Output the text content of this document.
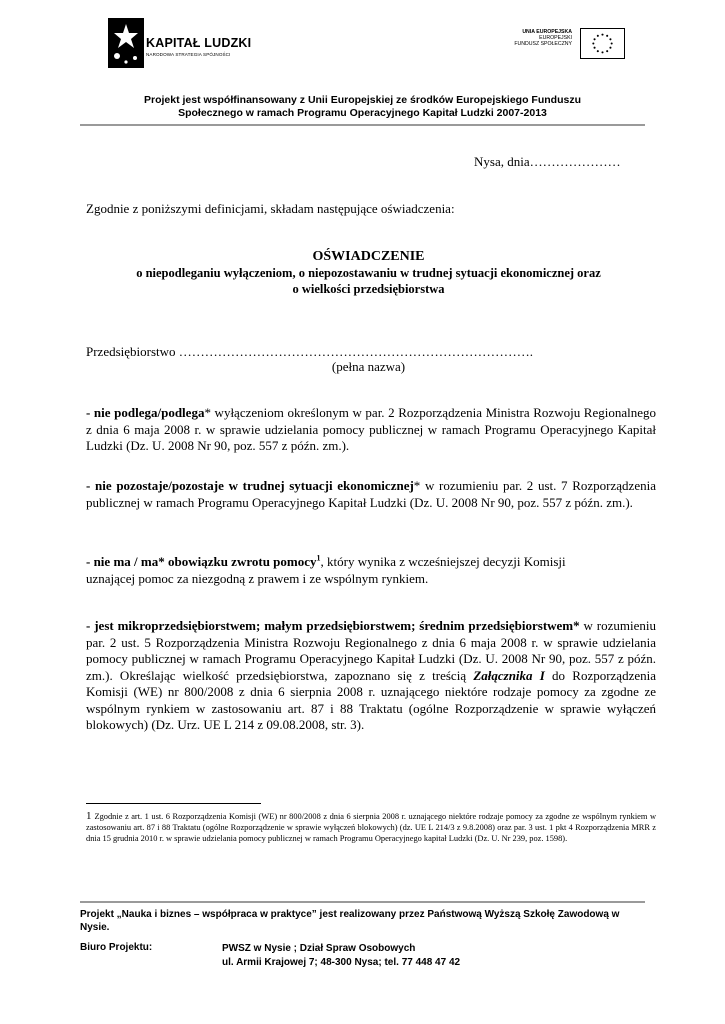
KAPITAŁ LUDZKI
NARODOWA STRATEGIA SPÓJNOŚCI
UNIA EUROPEJSKA
EUROPEJSKI
FUNDUSZ SPOŁECZNY
Projekt jest współfinansowany z Unii Europejskiej ze środków Europejskiego Funduszu
Społecznego w ramach Programu Operacyjnego Kapitał Ludzki 2007-2013
Nysa, dnia…………………
Zgodnie z poniższymi definicjami, składam następujące oświadczenia:
OŚWIADCZENIE
o niepodleganiu wyłączeniom, o niepozostawaniu w trudnej sytuacji ekonomicznej oraz
o wielkości przedsiębiorstwa
Przedsiębiorstwo ……………………………………………………………………….
(pełna nazwa)
- nie podlega/podlega* wyłączeniom określonym w par. 2 Rozporządzenia Ministra Rozwoju Regionalnego z dnia 6 maja 2008 r. w sprawie udzielania pomocy publicznej w ramach Programu Operacyjnego Kapitał Ludzki (Dz. U. 2008 Nr 90, poz. 557 z późn. zm.).
- nie pozostaje/pozostaje w trudnej sytuacji ekonomicznej* w rozumieniu par. 2 ust. 7 Rozporządzenia publicznej w ramach Programu Operacyjnego Kapitał Ludzki (Dz. U. 2008 Nr 90, poz. 557 z późn. zm.).
- nie ma / ma* obowiązku zwrotu pomocy$^1$, który wynika z wcześniejszej decyzji Komisji
uznającej pomoc za niezgodną z prawem i ze wspólnym rynkiem.
- jest mikroprzedsiębiorstwem; małym przedsiębiorstwem; średnim przedsiębiorstwem* w rozumieniu par. 2 ust. 5 Rozporządzenia Ministra Rozwoju Regionalnego z dnia 6 maja 2008 r. w sprawie udzielania pomocy publicznej w ramach Programu Operacyjnego Kapitał Ludzki (Dz. U. 2008 Nr 90, poz. 557 z późn. zm.). Określając wielkość przedsiębiorstwa, zapoznano się z treścią Załącznika I do Rozporządzenia Komisji (WE) nr 800/2008 z dnia 6 sierpnia 2008 r. uznającego niektóre rodzaje pomocy za zgodne ze wspólnym rynkiem w zastosowaniu art. 87 i 88 Traktatu (ogólne Rozporządzenie w sprawie wyłączeń blokowych) (Dz. Urz. UE L 214 z 09.08.2008, str. 3).
1 Zgodnie z art. 1 ust. 6 Rozporządzenia Komisji (WE) nr 800/2008 z dnia 6 sierpnia 2008 r. uznającego niektóre rodzaje pomocy za zgodne ze wspólnym rynkiem w zastosowaniu art. 87 i 88 Traktatu (ogólne Rozporządzenie w sprawie wyłączeń blokowych) (dz. UE L 214/3 z 9.8.2008) oraz par. 3 ust. 1 pkt 4 Rozporządzenia MRR z dnia 15 grudnia 2010 r. w sprawie udzielania pomocy publicznej w ramach Programu Operacyjnego kapitał Ludzki (Dz. U. Nr 239, poz. 1598).
Projekt „Nauka i biznes – współpraca w praktyce” jest realizowany przez Państwową Wyższą Szkołę Zawodową w Nysie.
Biuro Projektu:	PWSZ w Nysie ; Dział Spraw Osobowych
ul. Armii Krajowej 7; 48-300 Nysa; tel. 77 448 47 42
